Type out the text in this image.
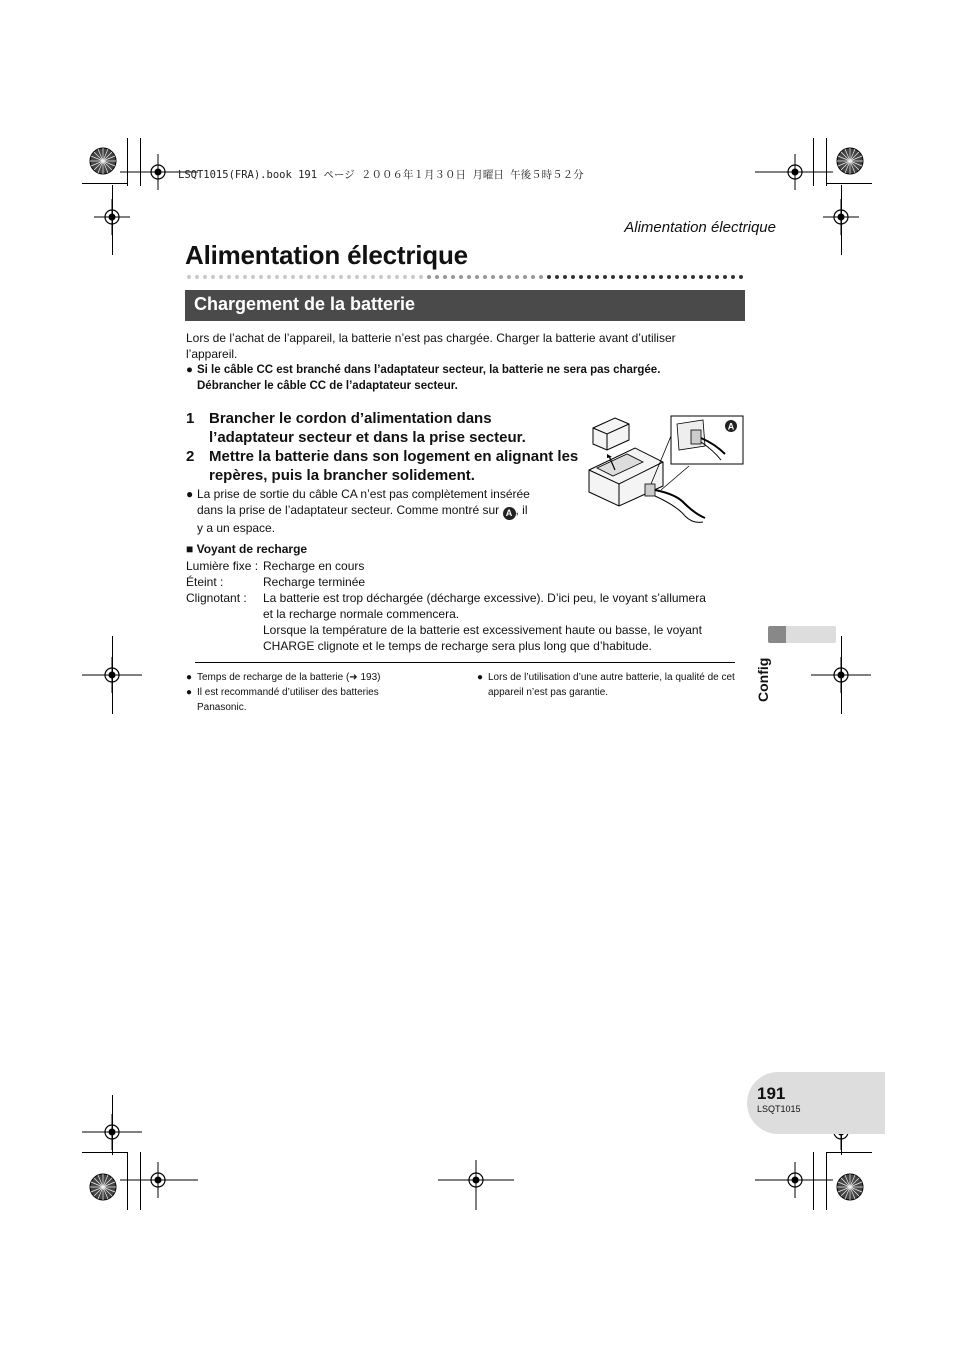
LSQT1015(FRA).book 191 ページ ２００６年１月３０日 月曜日 午後５時５２分
Alimentation électrique
Alimentation électrique
Chargement de la batterie
Lors de l’achat de l’appareil, la batterie n’est pas chargée. Charger la batterie avant d’utiliser l’appareil.
● Si le câble CC est branché dans l’adaptateur secteur, la batterie ne sera pas chargée.
Débrancher le câble CC de l’adaptateur secteur.
1 Brancher le cordon d’alimentation dans l’adaptateur secteur et dans la prise secteur.
2 Mettre la batterie dans son logement en alignant les repères, puis la brancher solidement.
● La prise de sortie du câble CA n’est pas complètement insérée
dans la prise de l’adaptateur secteur. Comme montré sur A , il
y a un espace.
A
■ Voyant de recharge
Lumière fixe : Recharge en cours
Éteint :	Recharge terminée
Clignotant : La batterie est trop déchargée (décharge excessive). D’ici peu, le voyant s’allumera et la recharge normale commencera.
Lorsque la température de la batterie est excessivement haute ou basse, le voyant
CHARGE clignote et le temps de recharge sera plus long que d’habitude.
● Temps de recharge de la batterie (➜ 193)
● Il est recommandé d’utiliser des batteries Panasonic.
● Lors de l’utilisation d’une autre batterie, la qualité de cet appareil n’est pas garantie.	Config
191
LSQT1015
